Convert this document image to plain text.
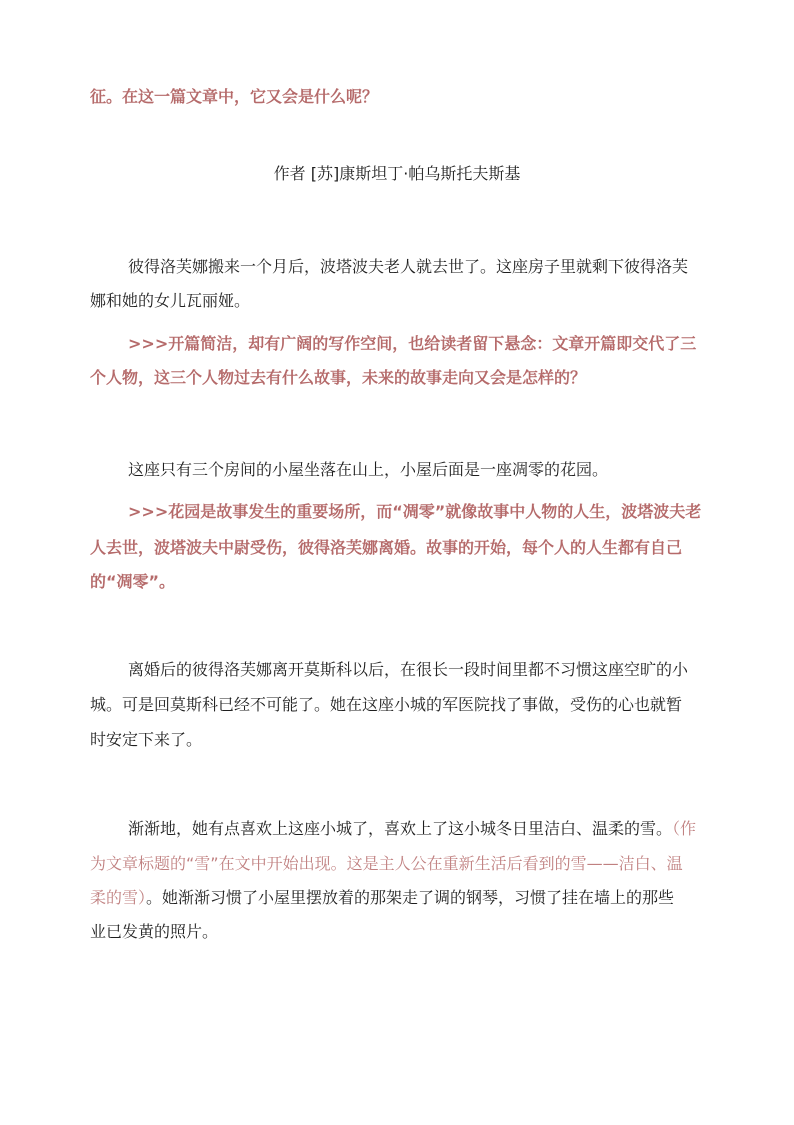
征。在这一篇文章中，它又会是什么呢？
作者 [苏]康斯坦丁·帕乌斯托夫斯基
彼得洛芙娜搬来一个月后，波塔波夫老人就去世了。这座房子里就剩下彼得洛芙
娜和她的女儿瓦丽娅。
>>>开篇简洁，却有广阔的写作空间，也给读者留下悬念：文章开篇即交代了三
个人物，这三个人物过去有什么故事，未来的故事走向又会是怎样的？
这座只有三个房间的小屋坐落在山上，小屋后面是一座凋零的花园。
>>>花园是故事发生的重要场所，而“凋零”就像故事中人物的人生，波塔波夫老
人去世，波塔波夫中尉受伤，彼得洛芙娜离婚。故事的开始，每个人的人生都有自己
的“凋零”。
离婚后的彼得洛芙娜离开莫斯科以后，在很长一段时间里都不习惯这座空旷的小
城。可是回莫斯科已经不可能了。她在这座小城的军医院找了事做，受伤的心也就暂
时安定下来了。
渐渐地，她有点喜欢上这座小城了，喜欢上了这小城冬日里洁白、温柔的雪。（作
为文章标题的“雪”在文中开始出现。这是主人公在重新生活后看到的雪——洁白、温
柔的雪）。她渐渐习惯了小屋里摆放着的那架走了调的钢琴，习惯了挂在墙上的那些
业已发黄的照片。
